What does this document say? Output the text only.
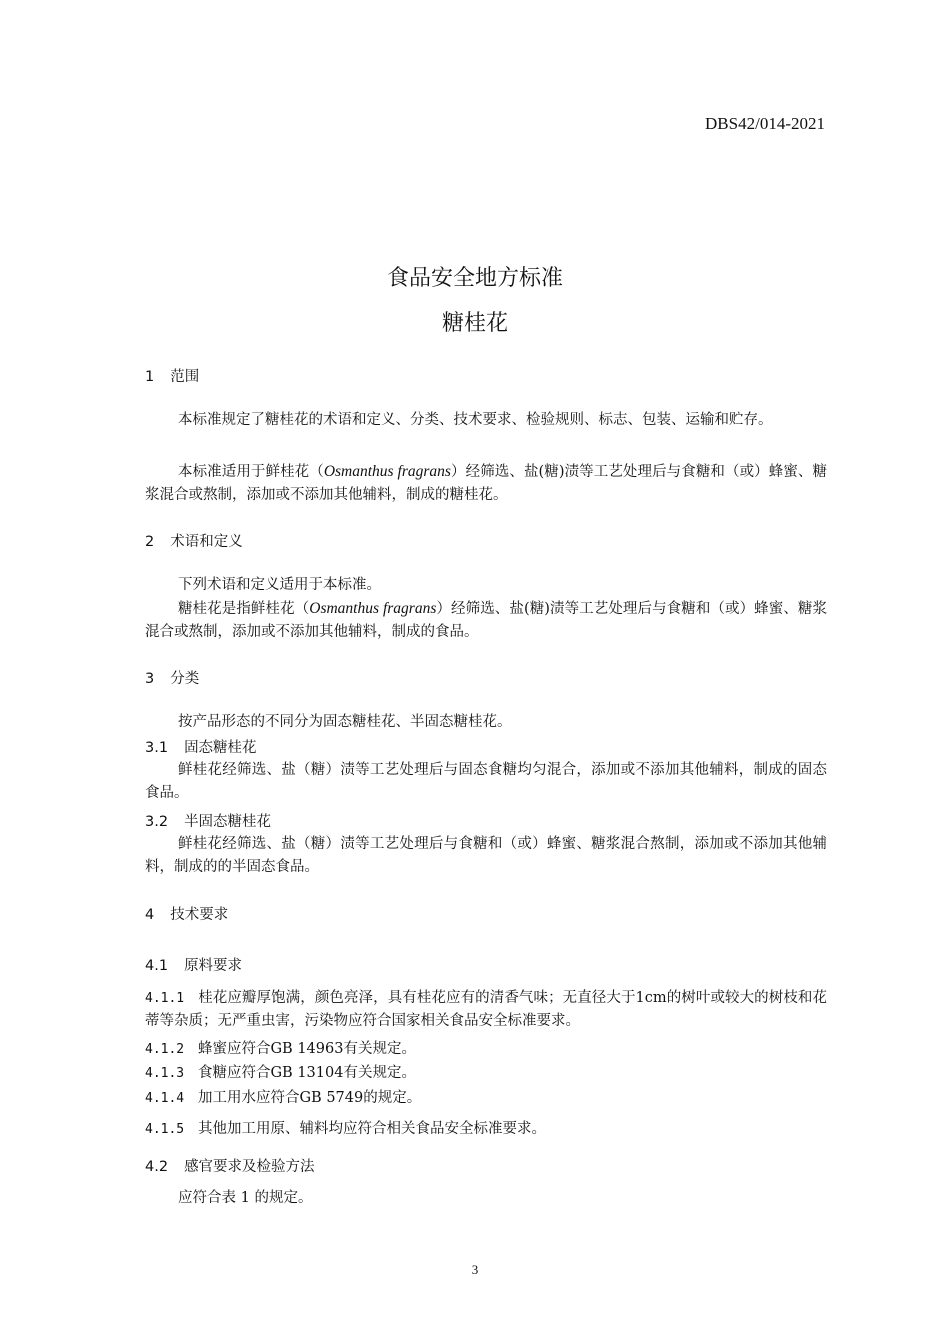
DBS42/014-2021
食品安全地方标准
糖桂花
1 范围
本标准规定了糖桂花的术语和定义、分类、技术要求、检验规则、标志、包装、运输和贮存。
本标准适用于鲜桂花（Osmanthus fragrans）经筛选、盐(糖)渍等工艺处理后与食糖和（或）蜂蜜、糖浆混合或熬制，添加或不添加其他辅料，制成的糖桂花。
2 术语和定义
下列术语和定义适用于本标准。
糖桂花是指鲜桂花（Osmanthus fragrans）经筛选、盐(糖)渍等工艺处理后与食糖和（或）蜂蜜、糖浆混合或熬制，添加或不添加其他辅料，制成的食品。
3 分类
按产品形态的不同分为固态糖桂花、半固态糖桂花。
3.1 固态糖桂花
鲜桂花经筛选、盐（糖）渍等工艺处理后与固态食糖均匀混合，添加或不添加其他辅料，制成的固态食品。
3.2 半固态糖桂花
鲜桂花经筛选、盐（糖）渍等工艺处理后与食糖和（或）蜂蜜、糖浆混合熬制，添加或不添加其他辅料，制成的的半固态食品。
4 技术要求
4.1 原料要求
4.1.1 桂花应瓣厚饱满，颜色亮泽，具有桂花应有的清香气味；无直径大于1cm的树叶或较大的树枝和花蒂等杂质；无严重虫害，污染物应符合国家相关食品安全标准要求。
4.1.2 蜂蜜应符合GB 14963有关规定。
4.1.3 食糖应符合GB 13104有关规定。
4.1.4 加工用水应符合GB 5749的规定。
4.1.5 其他加工用原、辅料均应符合相关食品安全标准要求。
4.2 感官要求及检验方法
应符合表 1 的规定。
3
